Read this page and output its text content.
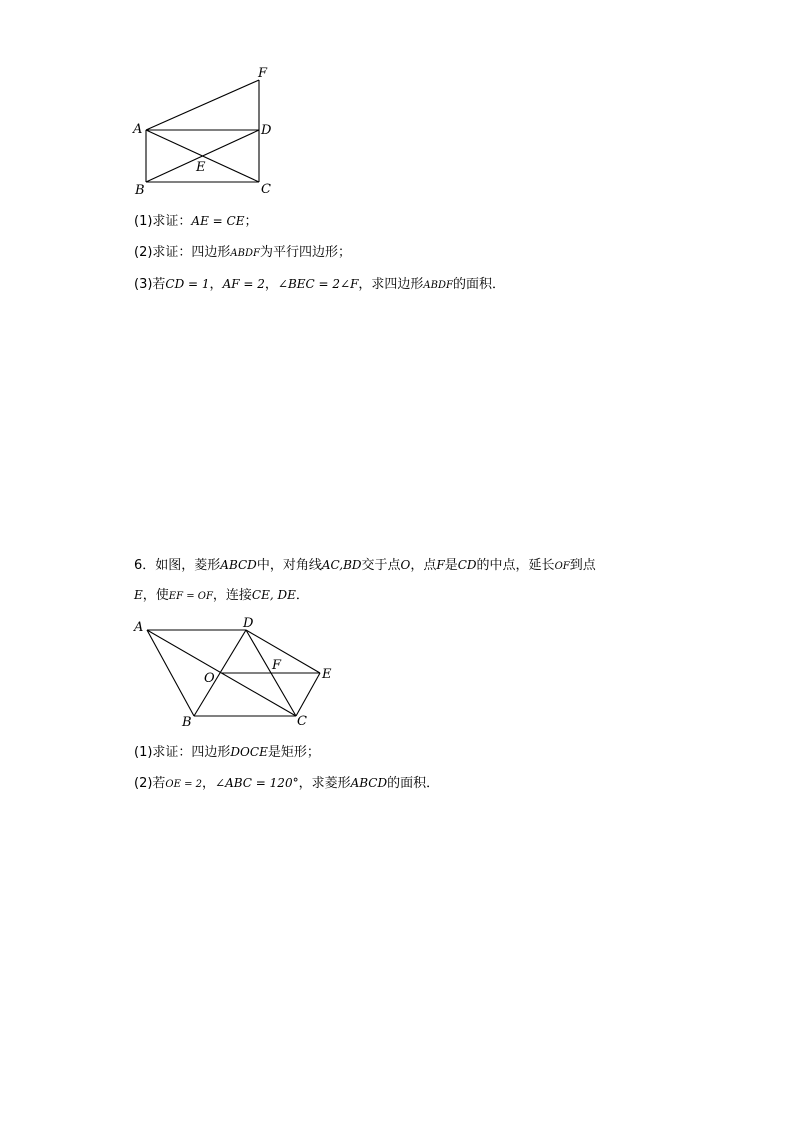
A
B	C
D
E
F
(1)求证：AE = CE；
(2)求证：四边形ABDF为平行四边形；
(3)若CD = 1，AF = 2，∠BEC = 2∠F，求四边形ABDF的面积．
6．如图，菱形ABCD中，对角线AC,BD交于点O，点F是CD的中点，延长OF到点
E，使EF = OF，连接CE, DE．
A
B	C
D
E
F
O
(1)求证：四边形DOCE是矩形；
(2)若OE = 2，∠ABC = 120°，求菱形ABCD的面积．
